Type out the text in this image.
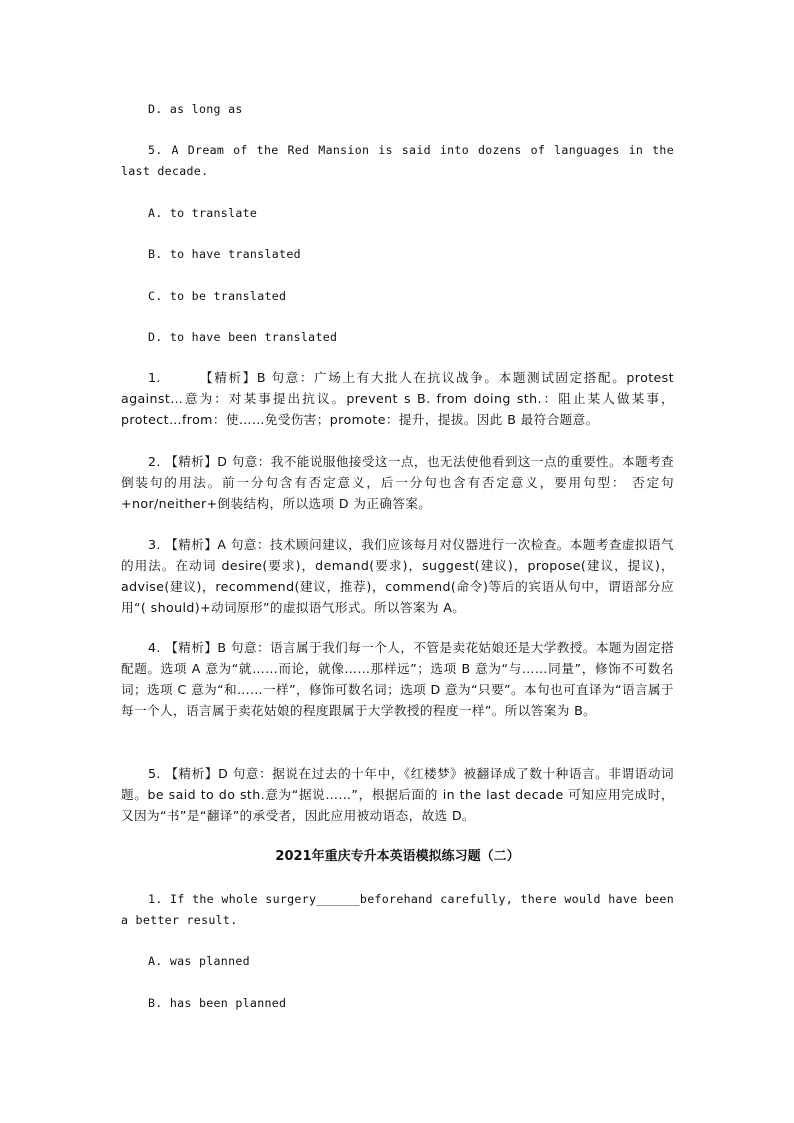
D. as long as

5. A Dream of the Red Mansion is said into dozens of languages in the last decade.

A. to translate

B. to have translated

C. to be translated

D. to have been translated

1.       【精析】B 句意：广场上有大批人在抗议战争。本题测试固定搭配。protest against…意为：对某事提出抗议。prevent s B. from doing sth.：阻止某人做某事，protect…from：使……免受伤害；promote：提升，提拔。因此 B 最符合题意。

2. 【精析】D 句意：我不能说服他接受这一点，也无法使他看到这一点的重要性。本题考查倒装句的用法。前一分句含有否定意义，后一分句也含有否定意义，要用句型： 否定句+nor/neither+倒装结构，所以选项 D 为正确答案。

3. 【精析】A 句意：技术顾问建议，我们应该每月对仪器进行一次检查。本题考查虚拟语气的用法。在动词 desire(要求)，demand(要求)，suggest(建议)，propose(建议，提议)，advise(建议)，recommend(建议，推荐)，commend(命令)等后的宾语从句中，谓语部分应用“( should)+动词原形”的虚拟语气形式。所以答案为 A。

4. 【精析】B 句意：语言属于我们每一个人，不管是卖花姑娘还是大学教授。本题为固定搭配题。选项 A 意为“就……而论，就像……那样远”；选项 B 意为“与……同量”，修饰不可数名词；选项 C 意为“和……一样”，修饰可数名词；选项 D 意为“只要”。本句也可直译为“语言属于每一个人，语言属于卖花姑娘的程度跟属于大学教授的程度一样”。所以答案为 B。

5. 【精析】D 句意：据说在过去的十年中，《红楼梦》被翻译成了数十种语言。非谓语动词题。be said to do sth.意为“据说……”，根据后面的 in the last decade 可知应用完成时，又因为“书”是“翻译”的承受者，因此应用被动语态，故选 D。

2021年重庆专升本英语模拟练习题（二）

1. If the whole surgery______beforehand carefully, there would have been a better result.

A. was planned

B. has been planned
